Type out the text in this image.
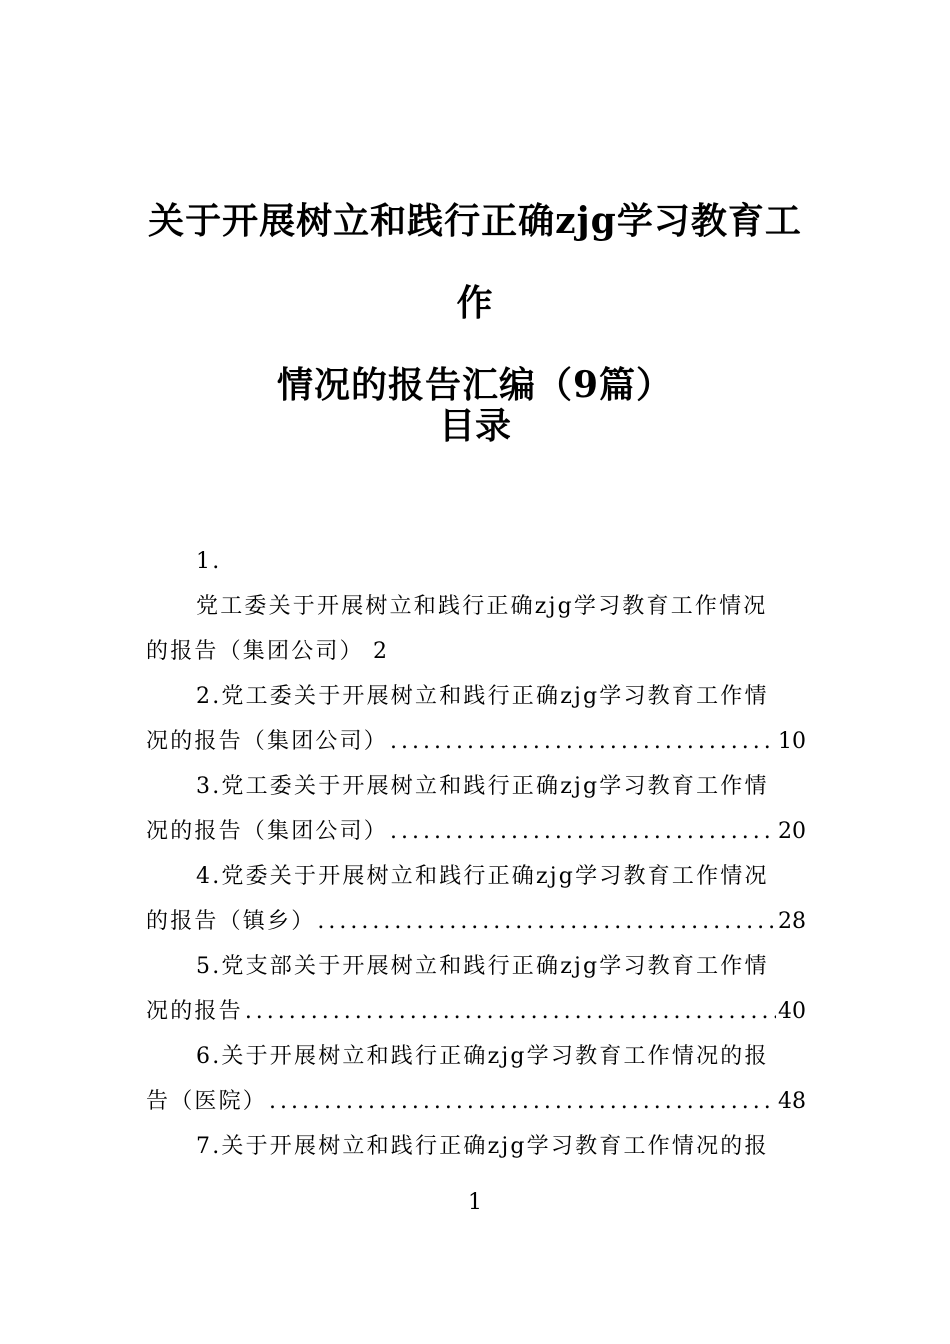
关于开展树立和践行正确zjg学习教育工作
情况的报告汇编（9篇）
目录
1.
党工委关于开展树立和践行正确zjg学习教育工作情况
的报告（集团公司） 2
2.党工委关于开展树立和践行正确zjg学习教育工作情
况的报告（集团公司） .....	10
3.党工委关于开展树立和践行正确zjg学习教育工作情
况的报告（集团公司） .....	20
4.党委关于开展树立和践行正确zjg学习教育工作情况
的报告（镇乡） .....	28
5.党支部关于开展树立和践行正确zjg学习教育工作情
况的报告 .....	40
6.关于开展树立和践行正确zjg学习教育工作情况的报
告（医院） .....	48
7.关于开展树立和践行正确zjg学习教育工作情况的报
1
